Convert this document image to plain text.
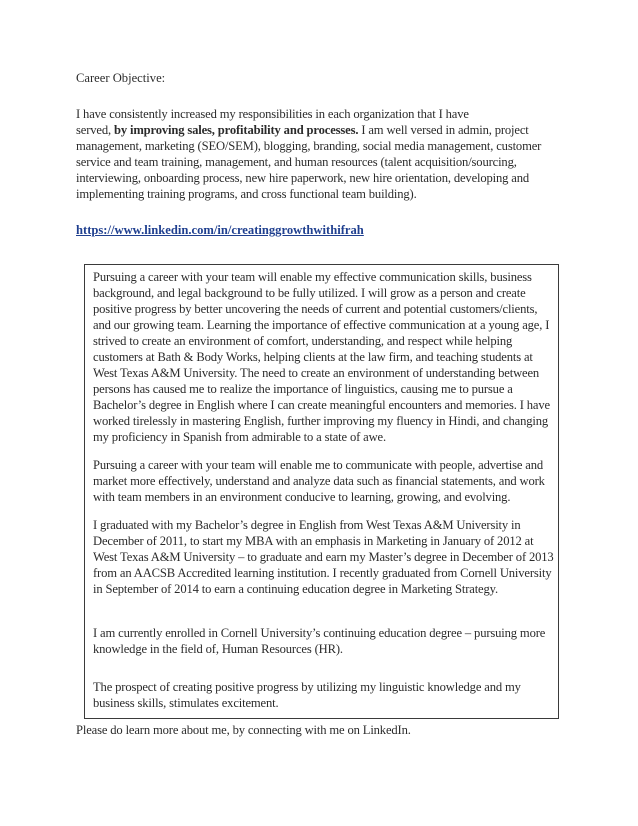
Career Objective:

I have consistently increased my responsibilities in each organization that I have
served, by improving sales, profitability and processes. I am well versed in admin, project
management, marketing (SEO/SEM), blogging, branding, social media management, customer
service and team training, management, and human resources (talent acquisition/sourcing,
interviewing, onboarding process, new hire paperwork, new hire orientation, developing and
implementing training programs, and cross functional team building).

https://www.linkedin.com/in/creatinggrowthwithifrah

Pursuing a career with your team will enable my effective communication skills, business
background, and legal background to be fully utilized. I will grow as a person and create
positive progress by better uncovering the needs of current and potential customers/clients,
and our growing team. Learning the importance of effective communication at a young age, I
strived to create an environment of comfort, understanding, and respect while helping
customers at Bath & Body Works, helping clients at the law firm, and teaching students at
West Texas A&M University. The need to create an environment of understanding between
persons has caused me to realize the importance of linguistics, causing me to pursue a
Bachelor’s degree in English where I can create meaningful encounters and memories. I have
worked tirelessly in mastering English, further improving my fluency in Hindi, and changing
my proficiency in Spanish from admirable to a state of awe.

Pursuing a career with your team will enable me to communicate with people, advertise and
market more effectively, understand and analyze data such as financial statements, and work
with team members in an environment conducive to learning, growing, and evolving.

I graduated with my Bachelor’s degree in English from West Texas A&M University in
December of 2011, to start my MBA with an emphasis in Marketing in January of 2012 at
West Texas A&M University – to graduate and earn my Master’s degree in December of 2013
from an AACSB Accredited learning institution. I recently graduated from Cornell University
in September of 2014 to earn a continuing education degree in Marketing Strategy.

I am currently enrolled in Cornell University’s continuing education degree – pursuing more
knowledge in the field of, Human Resources (HR).

The prospect of creating positive progress by utilizing my linguistic knowledge and my
business skills, stimulates excitement.

Please do learn more about me, by connecting with me on LinkedIn.
